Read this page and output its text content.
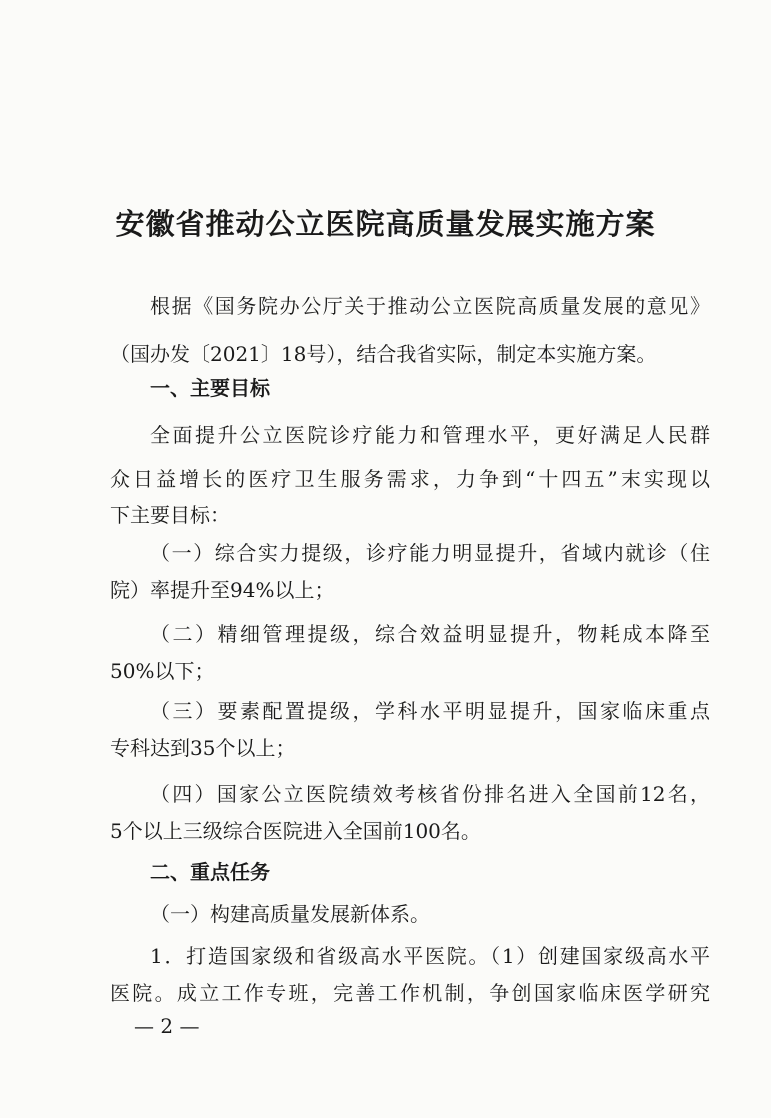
安徽省推动公立医院高质量发展实施方案
根据《国务院办公厅关于推动公立医院高质量发展的意见》
（国办发〔2021〕18号），结合我省实际，制定本实施方案。
一、主要目标
全面提升公立医院诊疗能力和管理水平，更好满足人民群
众日益增长的医疗卫生服务需求，力争到“十四五”末实现以
下主要目标：
（一）综合实力提级，诊疗能力明显提升，省域内就诊（住
院）率提升至94%以上；
（二）精细管理提级，综合效益明显提升，物耗成本降至
50%以下；
（三）要素配置提级，学科水平明显提升，国家临床重点
专科达到35个以上；
（四）国家公立医院绩效考核省份排名进入全国前12名，
5个以上三级综合医院进入全国前100名。
二、重点任务
（一）构建高质量发展新体系。
1．打造国家级和省级高水平医院。（1）创建国家级高水平
医院。成立工作专班，完善工作机制，争创国家临床医学研究
— 2 —
